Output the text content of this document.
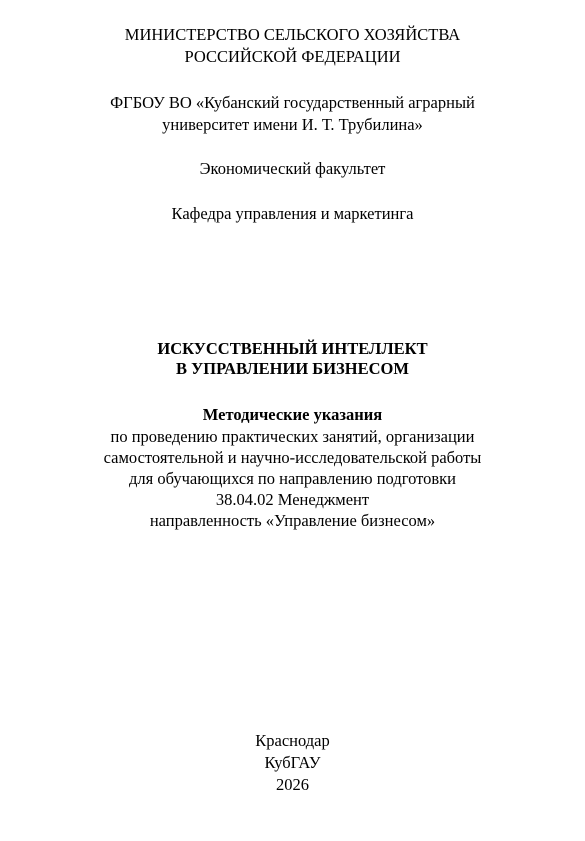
МИНИСТЕРСТВО СЕЛЬСКОГО ХОЗЯЙСТВА
РОССИЙСКОЙ ФЕДЕРАЦИИ
ФГБОУ ВО «Кубанский государственный аграрный
университет имени И. Т. Трубилина»
Экономический факультет
Кафедра управления и маркетинга
ИСКУССТВЕННЫЙ ИНТЕЛЛЕКТ
В УПРАВЛЕНИИ БИЗНЕСОМ
Методические указания
по проведению практических занятий, организации
самостоятельной и научно-исследовательской работы
для обучающихся по направлению подготовки
38.04.02 Менеджмент
направленность «Управление бизнесом»
Краснодар
КубГАУ
2026
